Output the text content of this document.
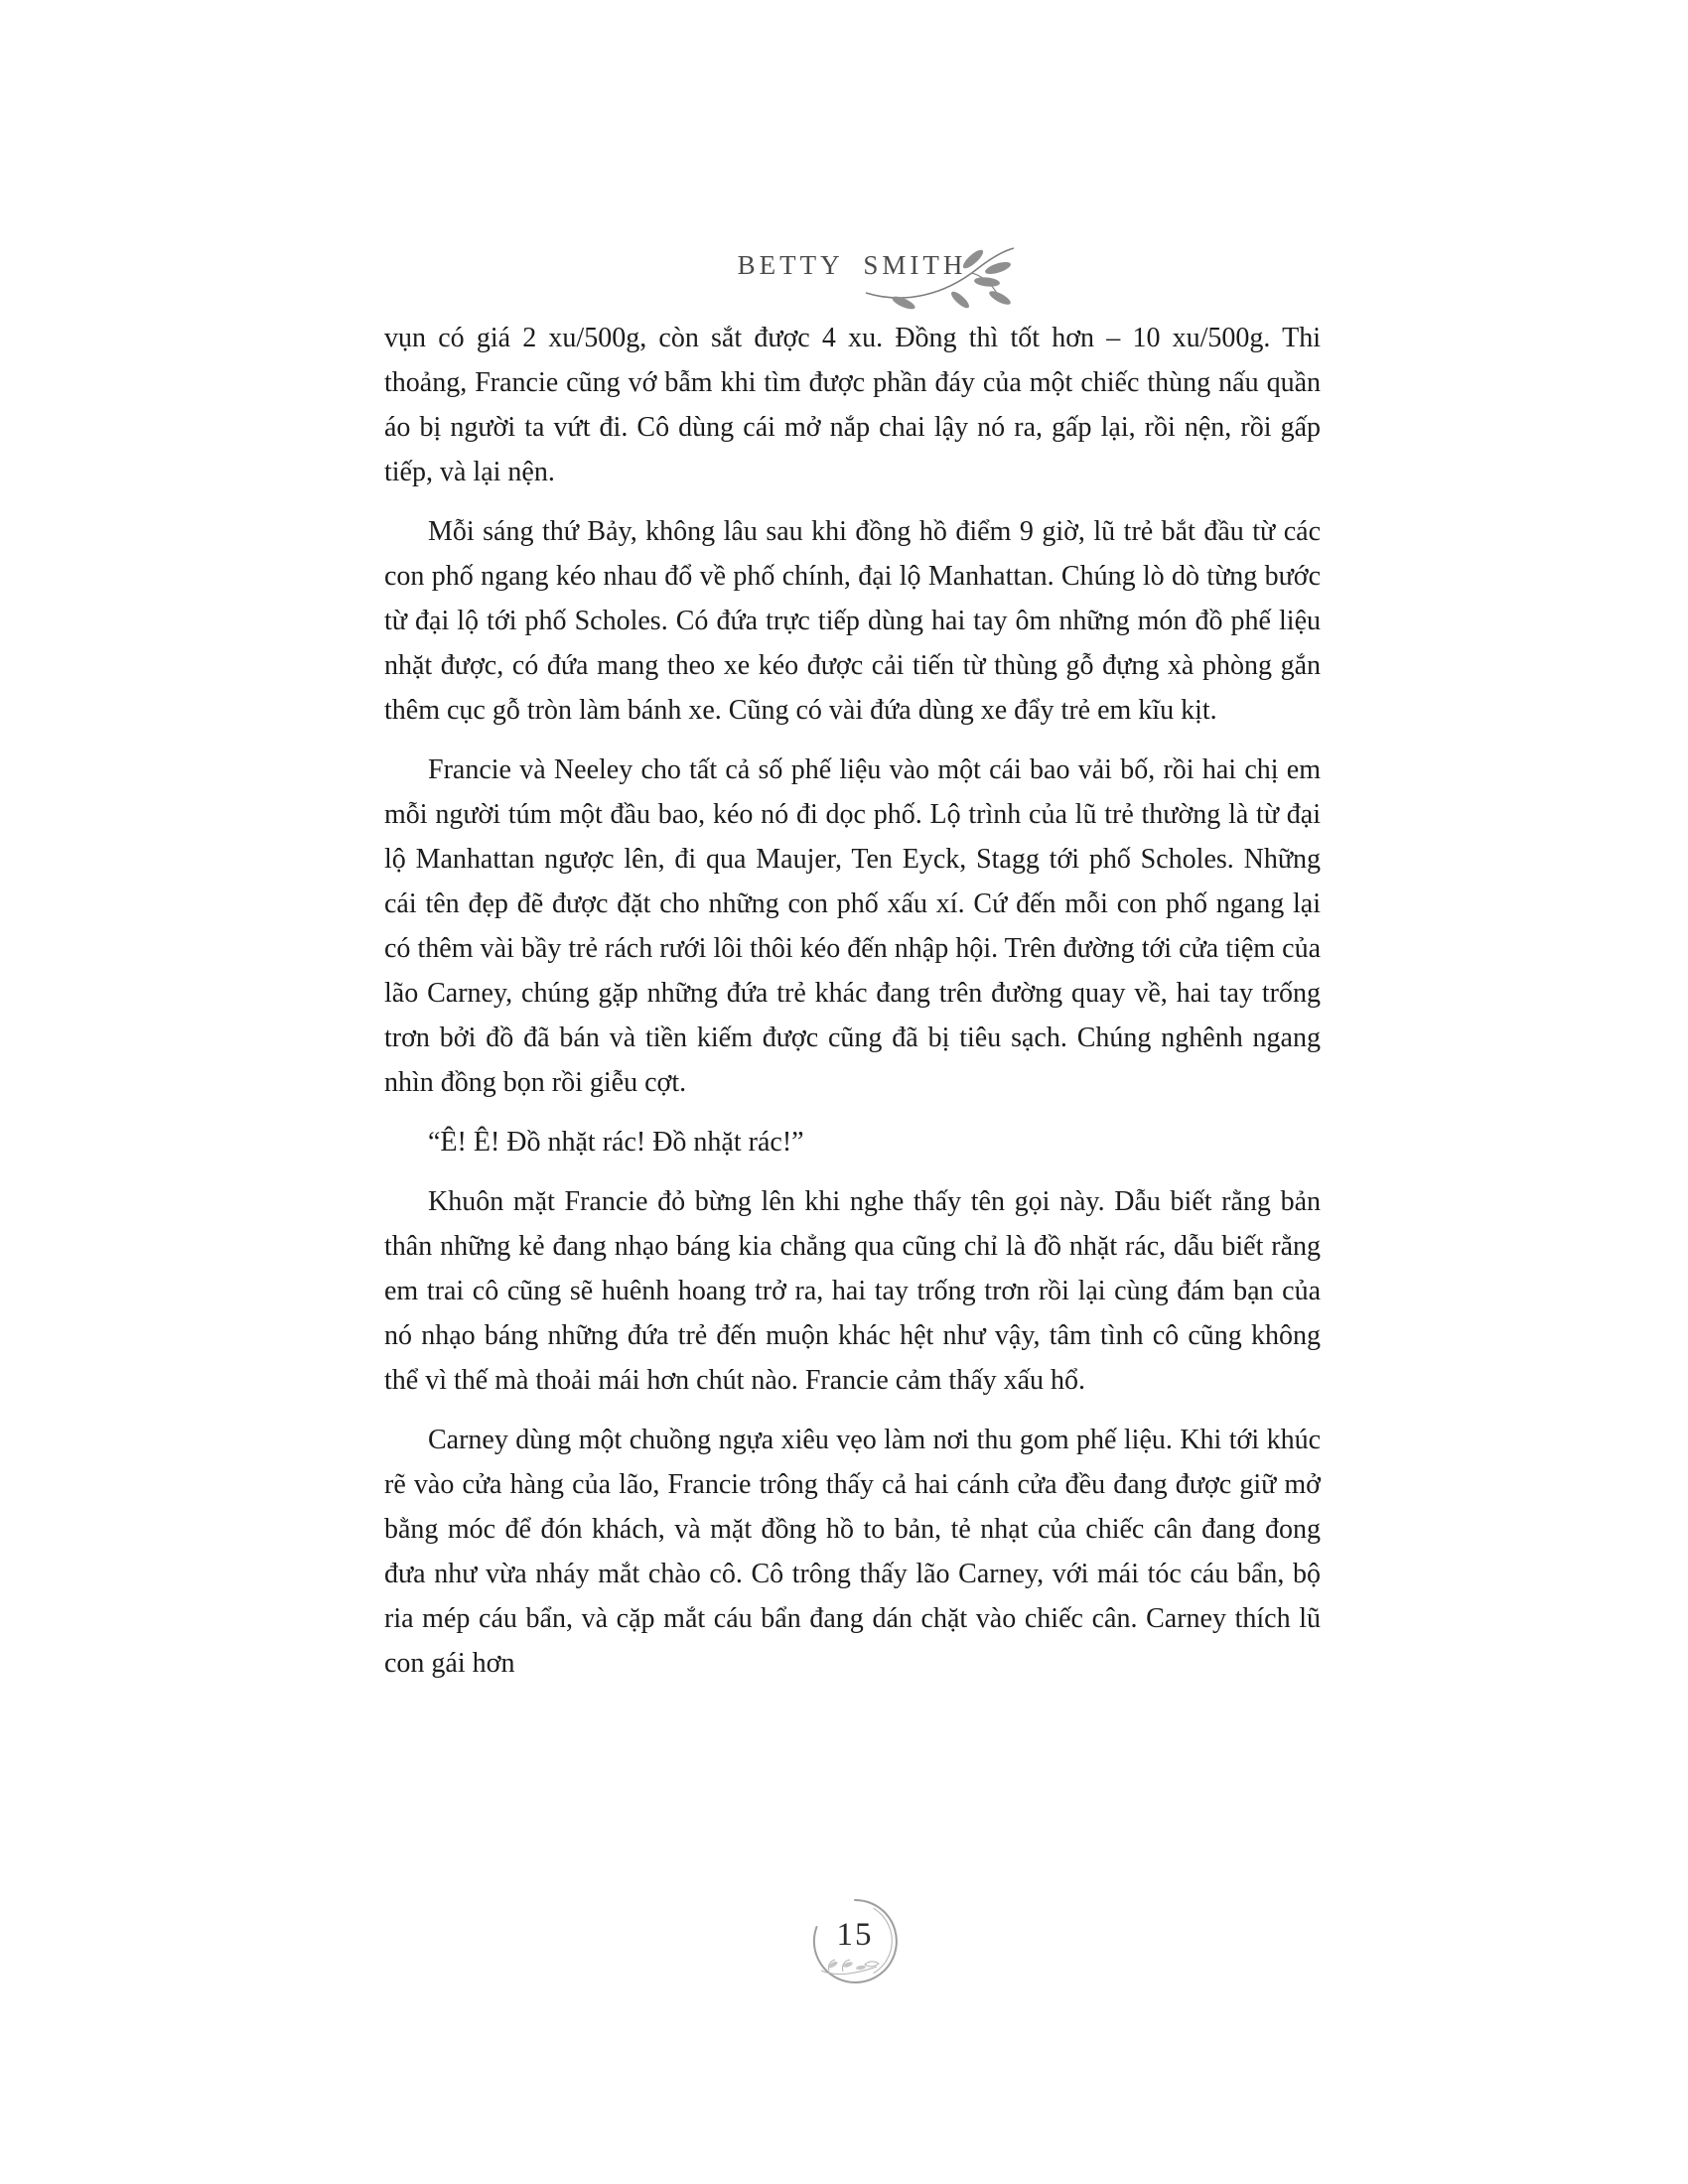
BETTY SMITH

vụn có giá 2 xu/500g, còn sắt được 4 xu. Đồng thì tốt hơn – 10 xu/500g. Thi thoảng, Francie cũng vớ bẫm khi tìm được phần đáy của một chiếc thùng nấu quần áo bị người ta vứt đi. Cô dùng cái mở nắp chai lậy nó ra, gấp lại, rồi nện, rồi gấp tiếp, và lại nện.

Mỗi sáng thứ Bảy, không lâu sau khi đồng hồ điểm 9 giờ, lũ trẻ bắt đầu từ các con phố ngang kéo nhau đổ về phố chính, đại lộ Manhattan. Chúng lò dò từng bước từ đại lộ tới phố Scholes. Có đứa trực tiếp dùng hai tay ôm những món đồ phế liệu nhặt được, có đứa mang theo xe kéo được cải tiến từ thùng gỗ đựng xà phòng gắn thêm cục gỗ tròn làm bánh xe. Cũng có vài đứa dùng xe đẩy trẻ em kĩu kịt.

Francie và Neeley cho tất cả số phế liệu vào một cái bao vải bố, rồi hai chị em mỗi người túm một đầu bao, kéo nó đi dọc phố. Lộ trình của lũ trẻ thường là từ đại lộ Manhattan ngược lên, đi qua Maujer, Ten Eyck, Stagg tới phố Scholes. Những cái tên đẹp đẽ được đặt cho những con phố xấu xí. Cứ đến mỗi con phố ngang lại có thêm vài bầy trẻ rách rưới lôi thôi kéo đến nhập hội. Trên đường tới cửa tiệm của lão Carney, chúng gặp những đứa trẻ khác đang trên đường quay về, hai tay trống trơn bởi đồ đã bán và tiền kiếm được cũng đã bị tiêu sạch. Chúng nghênh ngang nhìn đồng bọn rồi giễu cợt.

“Ê! Ê! Đồ nhặt rác! Đồ nhặt rác!”

Khuôn mặt Francie đỏ bừng lên khi nghe thấy tên gọi này. Dẫu biết rằng bản thân những kẻ đang nhạo báng kia chẳng qua cũng chỉ là đồ nhặt rác, dẫu biết rằng em trai cô cũng sẽ huênh hoang trở ra, hai tay trống trơn rồi lại cùng đám bạn của nó nhạo báng những đứa trẻ đến muộn khác hệt như vậy, tâm tình cô cũng không thể vì thế mà thoải mái hơn chút nào. Francie cảm thấy xấu hổ.

Carney dùng một chuồng ngựa xiêu vẹo làm nơi thu gom phế liệu. Khi tới khúc rẽ vào cửa hàng của lão, Francie trông thấy cả hai cánh cửa đều đang được giữ mở bằng móc để đón khách, và mặt đồng hồ to bản, tẻ nhạt của chiếc cân đang đong đưa như vừa nháy mắt chào cô. Cô trông thấy lão Carney, với mái tóc cáu bẩn, bộ ria mép cáu bẩn, và cặp mắt cáu bẩn đang dán chặt vào chiếc cân. Carney thích lũ con gái hơn

15
